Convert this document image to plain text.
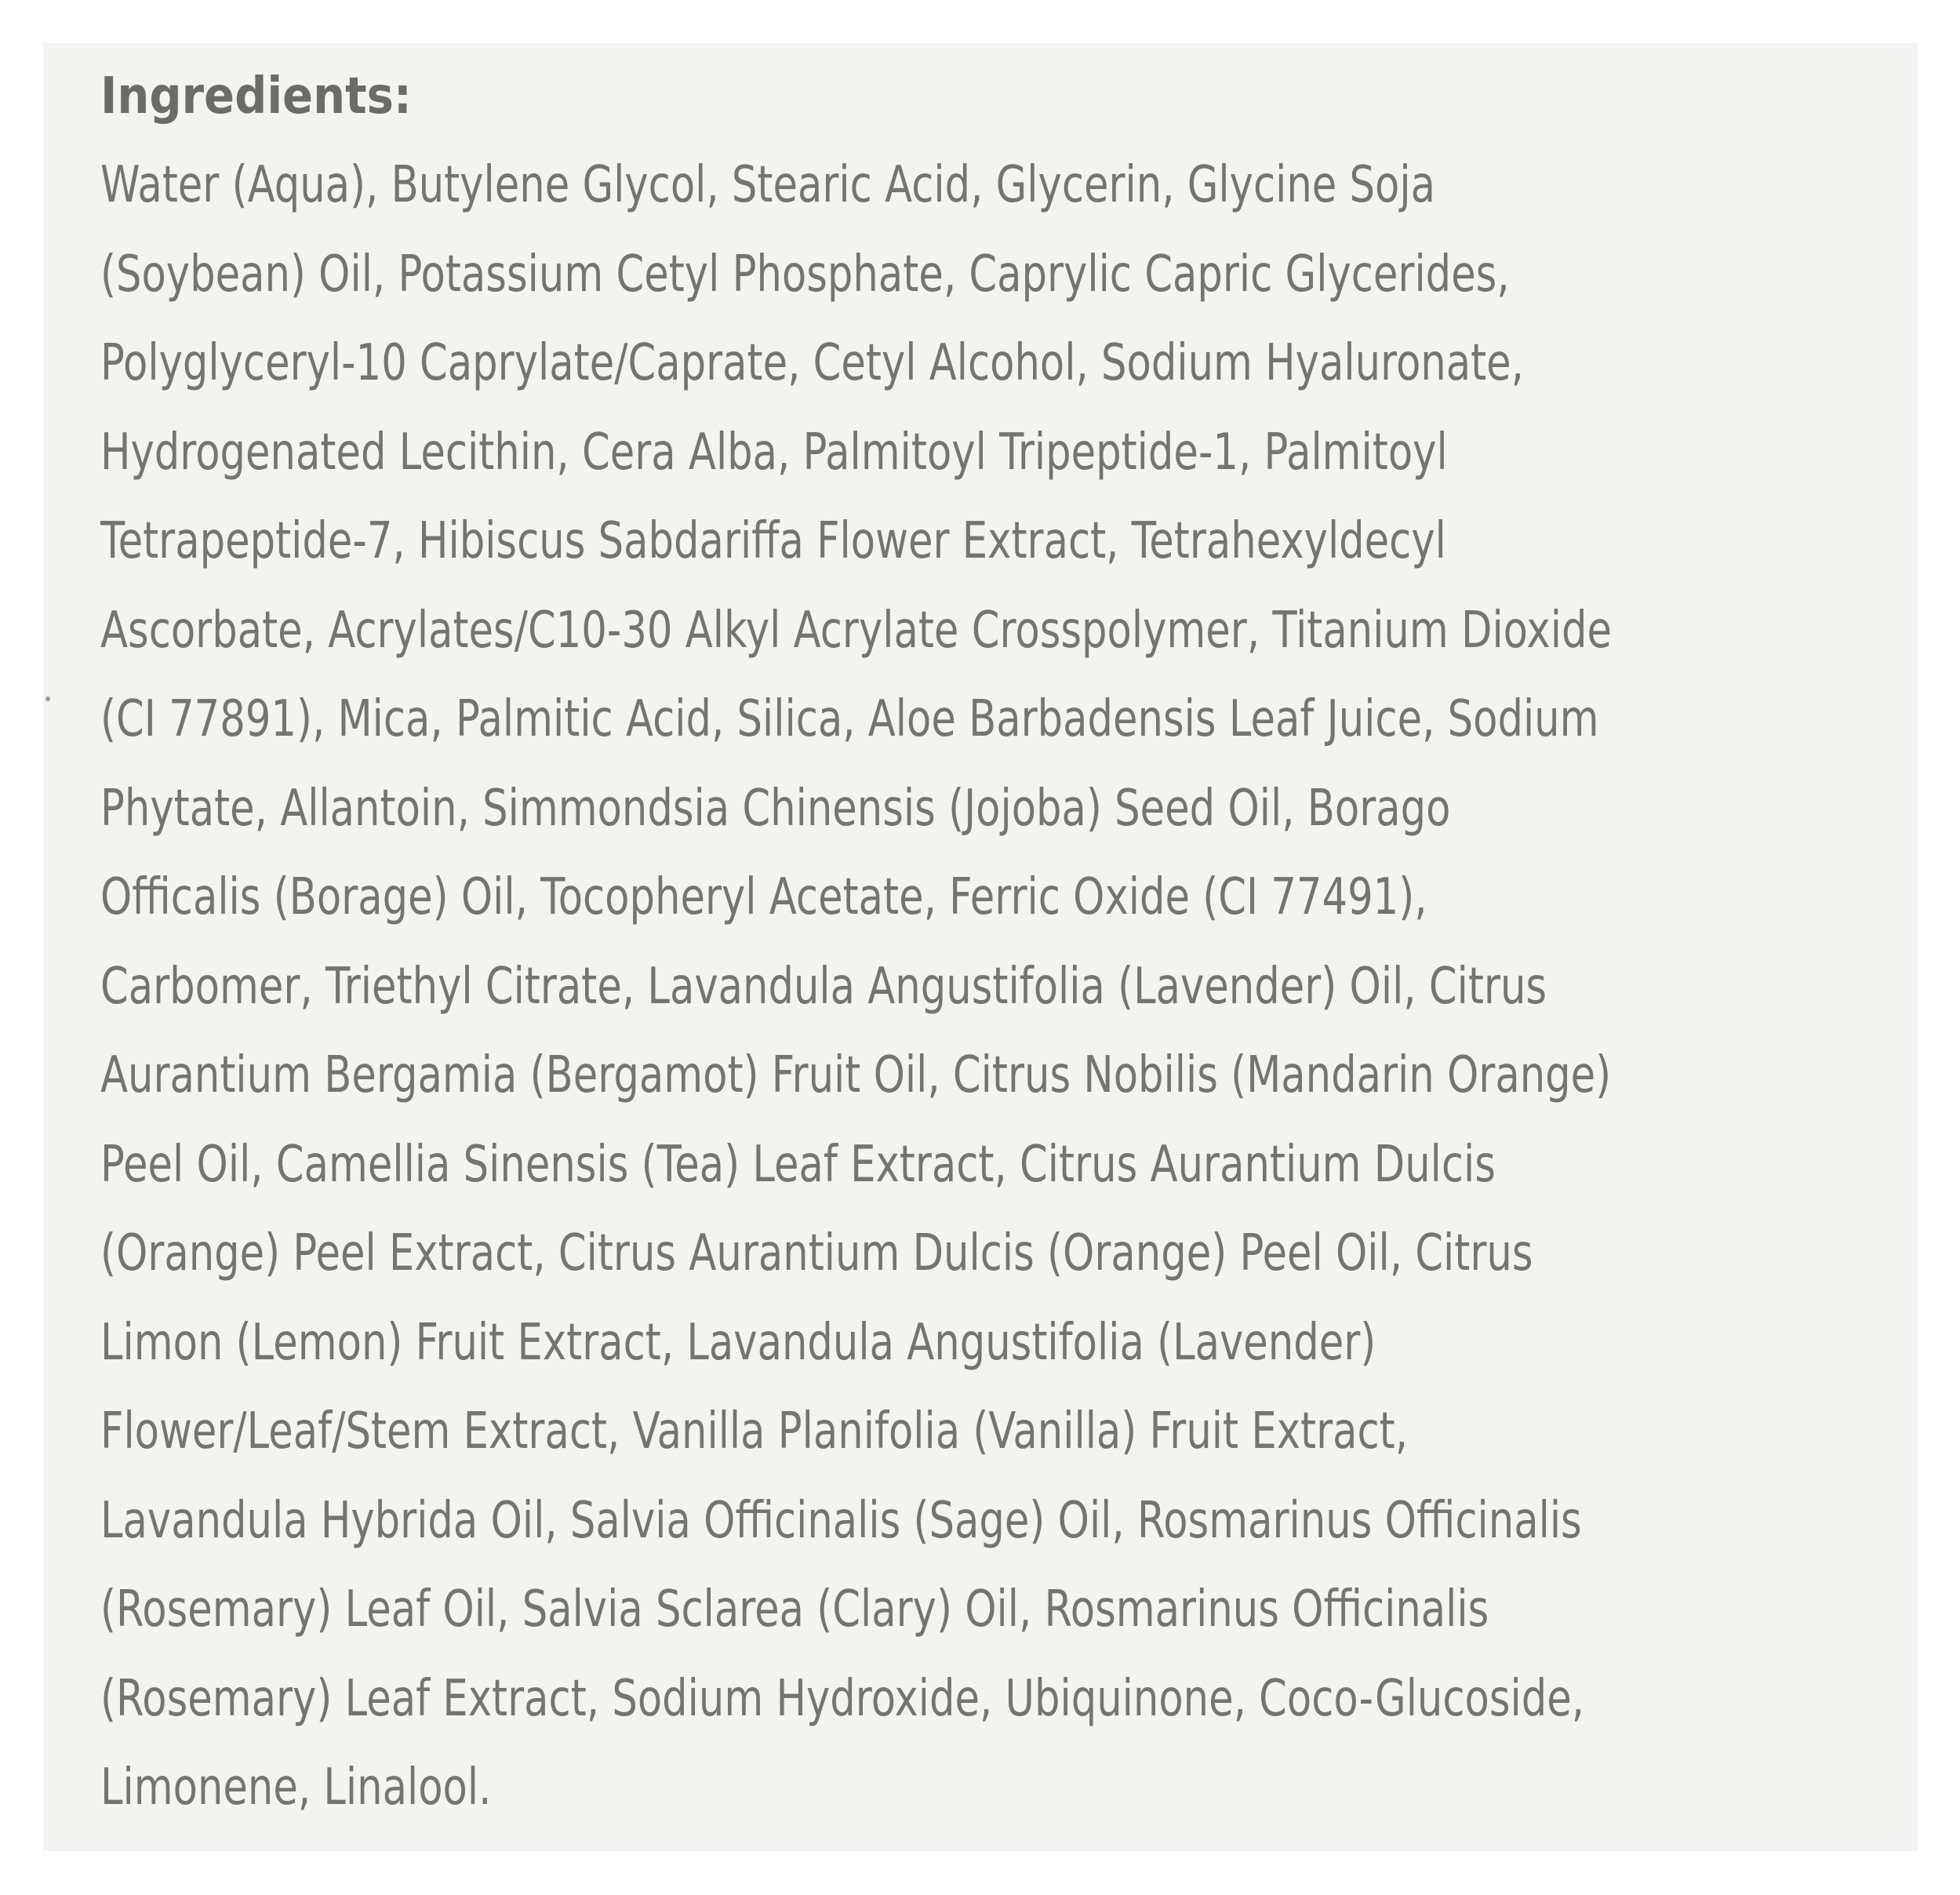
Ingredients:
Water (Aqua), Butylene Glycol, Stearic Acid, Glycerin, Glycine Soja
(Soybean) Oil, Potassium Cetyl Phosphate, Caprylic Capric Glycerides,
Polyglyceryl-10 Caprylate/Caprate, Cetyl Alcohol, Sodium Hyaluronate,
Hydrogenated Lecithin, Cera Alba, Palmitoyl Tripeptide-1, Palmitoyl
Tetrapeptide-7, Hibiscus Sabdariffa Flower Extract, Tetrahexyldecyl
Ascorbate, Acrylates/C10-30 Alkyl Acrylate Crosspolymer, Titanium Dioxide
(CI 77891), Mica, Palmitic Acid, Silica, Aloe Barbadensis Leaf Juice, Sodium
Phytate, Allantoin, Simmondsia Chinensis (Jojoba) Seed Oil, Borago
Officalis (Borage) Oil, Tocopheryl Acetate, Ferric Oxide (CI 77491),
Carbomer, Triethyl Citrate, Lavandula Angustifolia (Lavender) Oil, Citrus
Aurantium Bergamia (Bergamot) Fruit Oil, Citrus Nobilis (Mandarin Orange)
Peel Oil, Camellia Sinensis (Tea) Leaf Extract, Citrus Aurantium Dulcis
(Orange) Peel Extract, Citrus Aurantium Dulcis (Orange) Peel Oil, Citrus
Limon (Lemon) Fruit Extract, Lavandula Angustifolia (Lavender)
Flower/Leaf/Stem Extract, Vanilla Planifolia (Vanilla) Fruit Extract,
Lavandula Hybrida Oil, Salvia Officinalis (Sage) Oil, Rosmarinus Officinalis
(Rosemary) Leaf Oil, Salvia Sclarea (Clary) Oil, Rosmarinus Officinalis
(Rosemary) Leaf Extract, Sodium Hydroxide, Ubiquinone, Coco-Glucoside,
Limonene, Linalool.
